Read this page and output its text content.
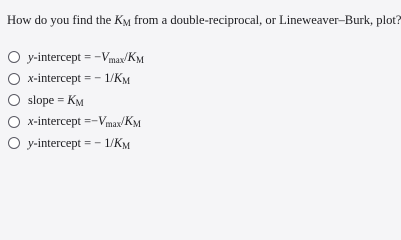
How do you find the KM from a double-reciprocal, or Lineweaver–Burk, plot?
y-intercept = −Vmax/KM
x-intercept = − 1/KM
slope = KM
x-intercept =−Vmax/KM
y-intercept = − 1/KM
